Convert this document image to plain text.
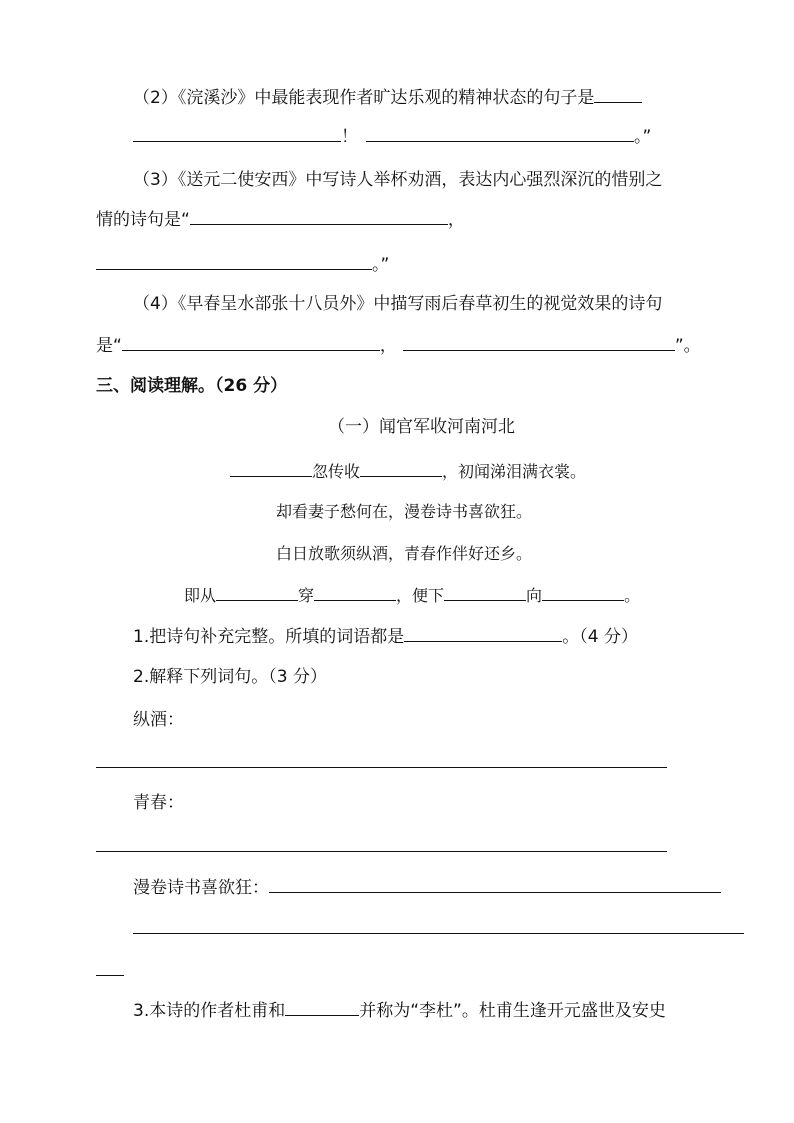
（2）《浣溪沙》中最能表现作者旷达乐观的精神状态的句子是
！	。”
（3）《送元二使安西》中写诗人举杯劝酒，表达内心强烈深沉的惜别之
情的诗句是“	，
。”
（4）《早春呈水部张十八员外》中描写雨后春草初生的视觉效果的诗句
是“	，	”。
三、阅读理解。（26 分）
（一）闻官军收河南河北
忽传收	，初闻涕泪满衣裳。
却看妻子愁何在，漫卷诗书喜欲狂。
白日放歌须纵酒，青春作伴好还乡。
即从	穿	，便下	向	。
1.把诗句补充完整。所填的词语都是	。（4 分）
2.解释下列词句。（3 分）
纵酒：
青春：
漫卷诗书喜欲狂：
3.本诗的作者杜甫和	并称为“李杜”。杜甫生逢开元盛世及安史
